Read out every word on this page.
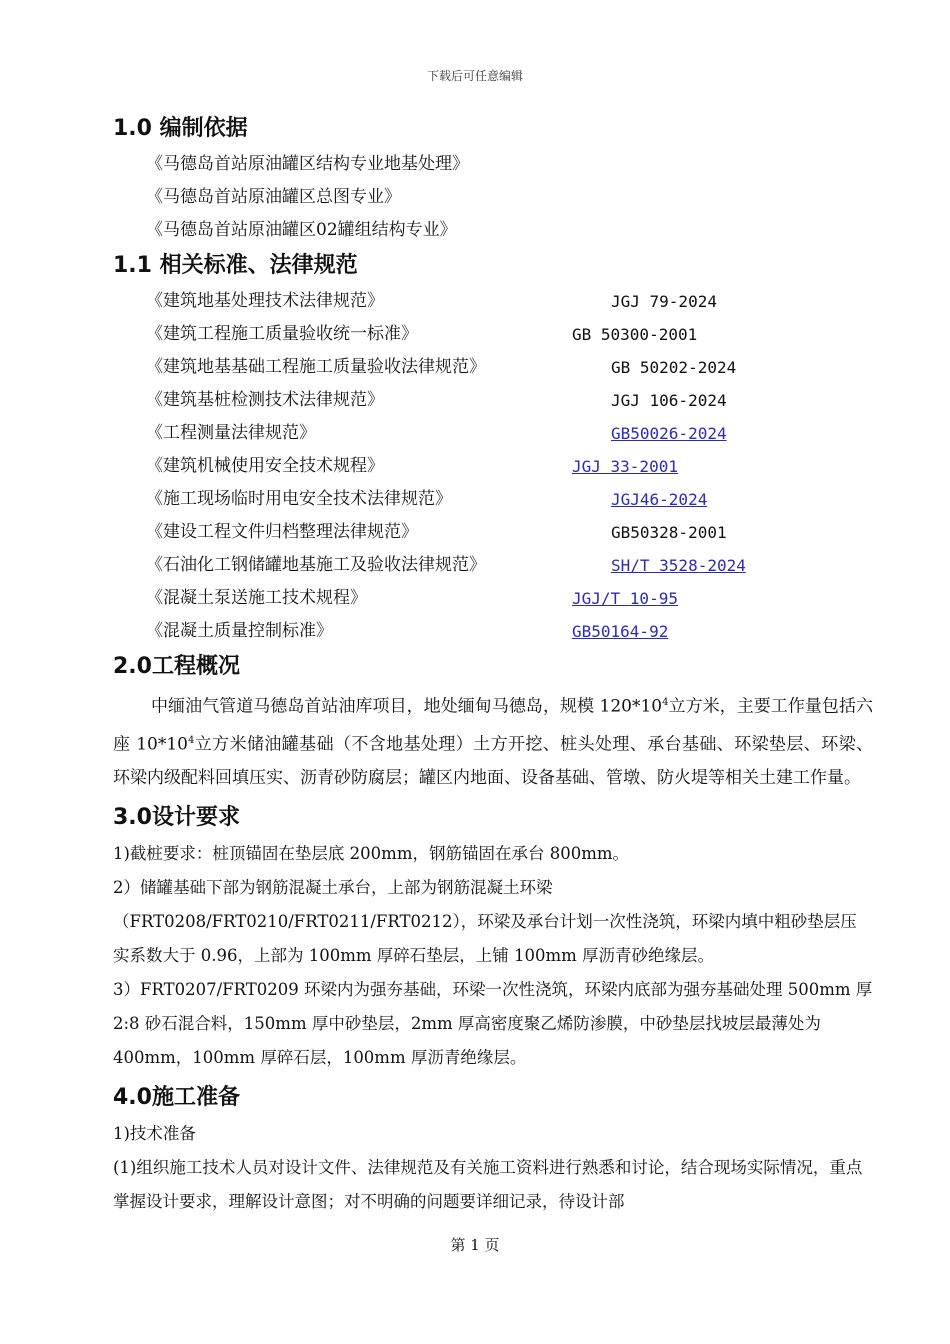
下载后可任意编辑
1.0 编制依据
《马德岛首站原油罐区结构专业地基处理》
《马德岛首站原油罐区总图专业》
《马德岛首站原油罐区02罐组结构专业》
1.1 相关标准、法律规范
《建筑地基处理技术法律规范》	JGJ 79-2024
《建筑工程施工质量验收统一标准》	GB 50300-2001
《建筑地基基础工程施工质量验收法律规范》	GB 50202-2024
《建筑基桩检测技术法律规范》	JGJ 106-2024
《工程测量法律规范》	GB50026-2024
《建筑机械使用安全技术规程》	JGJ 33-2001
《施工现场临时用电安全技术法律规范》	JGJ46-2024
《建设工程文件归档整理法律规范》	GB50328-2001
《石油化工钢储罐地基施工及验收法律规范》	SH/T 3528-2024
《混凝土泵送施工技术规程》	JGJ/T 10-95
《混凝土质量控制标准》	GB50164-92
2.0工程概况

中缅油气管道马德岛首站油库项目，地处缅甸马德岛，规模 $120*10^4$立方米，主要工作量包括六座 $10*10^4$立方米储油罐基础（不含地基处理）土方开挖、桩头处理、承台基础、环梁垫层、环梁、环梁内级配料回填压实、沥青砂防腐层；罐区内地面、设备基础、管墩、防火堤等相关土建工作量。

3.0设计要求
1)截桩要求：桩顶锚固在垫层底 200mm，钢筋锚固在承台 800mm。
2）储罐基础下部为钢筋混凝土承台，上部为钢筋混凝土环梁（FRT0208/FRT0210/FRT0211/FRT0212），环梁及承台计划一次性浇筑，环梁内填中粗砂垫层压实系数大于 0.96，上部为 100mm 厚碎石垫层，上铺 100mm 厚沥青砂绝缘层。
3）FRT0207/FRT0209 环梁内为强夯基础，环梁一次性浇筑，环梁内底部为强夯基础处理 500mm 厚 2:8 砂石混合料，150mm 厚中砂垫层，2mm 厚高密度聚乙烯防渗膜，中砂垫层找坡层最薄处为 400mm，100mm 厚碎石层，100mm 厚沥青绝缘层。
4.0施工准备
1)技术准备
(1)组织施工技术人员对设计文件、法律规范及有关施工资料进行熟悉和讨论，结合现场实际情况，重点掌握设计要求，理解设计意图；对不明确的问题要详细记录，待设计部
第 1 页
